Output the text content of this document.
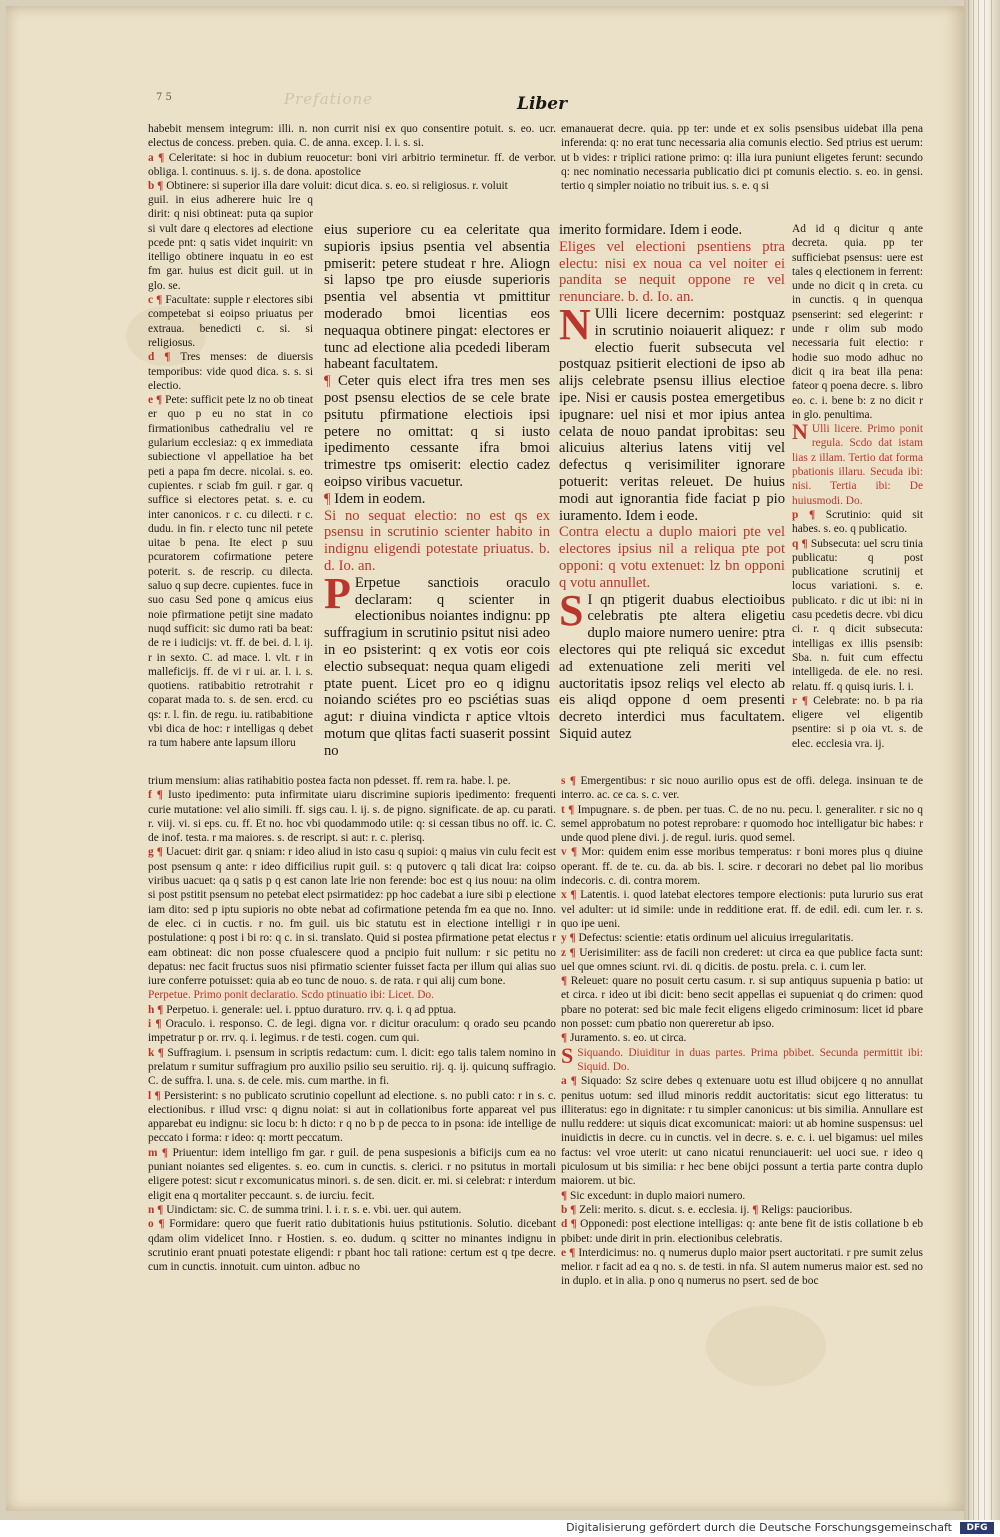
Prefatione
7 5	Liber

habebit mensem integrum: illi. n. non currit nisi ex quo consentire potuit. s. eo. ucr. electus de concess. preben. quia. C. de anna. excep. l. i. s. si.

a ¶ Celeritate: si hoc in dubium reuocetur: boni viri arbitrio terminetur. ff. de verbor. obliga. l. continuus. s. ij. s. de dona. apostolice

b ¶ Obtinere: si superior illa dare voluit: dicut dica. s. eo. si religiosus. r. voluit

guil. in eius adherere huic lre q dirit: q nisi obtineat: puta qa supior si vult dare q electores ad electione pcede pnt: q satis videt inquirit: vn itelligo obtinere inquatu in eo est fm gar. huius est dicit guil. ut in glo. se.

c ¶ Facultate: supple r electores sibi competebat si eoipso priuatus per extraua. benedicti c. si. si religiosus.

d ¶ Tres menses: de diuersis temporibus: vide quod dica. s. s. si electio.

e ¶ Pete: sufficit pete lz no ob tineat er quo p eu no stat in co firmationibus cathedraliu vel re gularium ecclesiaz: q ex immediata subiectione vl appellatioe ha bet peti a papa fm decre. nicolai. s. eo. cupientes. r sciab fm guil. r gar. q suffice si electores petat. s. e. cu inter canonicos. r c. cu dilecti. r c. dudu. in fin. r electo tunc nil petete uitae b pena. Ite elect p suu pcuratorem cofirmatione petere poterit. s. de rescrip. cu dilecta. saluo q sup decre. cupientes. fuce in suo casu Sed pone q amicus eius noie pfirmatione petijt sine madato nuqd sufficit: sic dumo rati ba beat: de re i iudicijs: vt. ff. de bei. d. l. ij. r in sexto. C. ad mace. l. vlt. r in malleficijs. ff. de vi r ui. ar. l. i. s. quotiens. ratibabitio retrotrahit r coparat mada to. s. de sen. ercd. cu qs: r. l. fin. de regu. iu. ratibabitione vbi dica de hoc: r intelligas q debet ra tum habere ante lapsum illoru

trium mensium: alias ratihabitio postea facta non pdesset. ff. rem ra. habe. l. pe.

f ¶ Iusto ipedimento: puta infirmitate uiaru discrimine supioris ipedimento: frequenti curie mutatione: vel alio simili. ff. sigs cau. l. ij. s. de pigno. significate. de ap. cu parati. r. viij. vi. si eps. cu. ff. Et no. hoc vbi quodammodo utile: q: si cessan tibus no off. ic. C. de inof. testa. r ma maiores. s. de rescript. si aut: r. c. plerisq.

g ¶ Uacuet: dirit gar. q sniam: r ideo aliud in isto casu q supioi: q maius vin culu fecit est post psensum q ante: r ideo difficilius rupit guil. s: q putoverc q tali dicat lra: coipso viribus uacuet: qa q satis p q est canon late lrie non ferende: boc est q ius nouu: na olim si post pstitit psensum no petebat elect psirmatidez: pp hoc cadebat a iure sibi p electione iam dito: sed p iptu supioris no obte nebat ad cofirmatione petenda fm ea que no. Inno. de elec. ci in cuctis. r no. fm guil. uis bic statutu est in electione intelligi r in postulatione: q post i bi ro: q c. in si. translato. Quid si postea pfirmatione petat electus r eam obtineat: dic non posse cfualescere quod a pncipio fuit nullum: r sic petitu no depatus: nec facit fructus suos nisi pfirmatio scienter fuisset facta per illum qui alias suo iure conferre potuisset: quia ab eo tunc de nouo. s. de rata. r qui alij cum bone.

Perpetue. Primo ponit declaratio. Scdo ptinuatio ibi: Licet. Do.

h ¶ Perpetuo. i. generale: uel. i. pptuo duraturo. rrv. q. i. q ad pptua.

i ¶ Oraculo. i. responso. C. de legi. digna vor. r dicitur oraculum: q orado seu pcando impetratur p or. rrv. q. i. legimus. r de testi. cogen. cum qui.

k ¶ Suffragium. i. psensum in scriptis redactum: cum. l. dicit: ego talis talem nomino in prelatum r sumitur suffragium pro auxilio psilio seu seruitio. rij. q. ij. quicunq suffragio. C. de suffra. l. una. s. de cele. mis. cum marthe. in fi.

l ¶ Persisterint: s no publicato scrutinio copellunt ad electione. s. no publi cato: r in s. c. electionibus. r illud vrsc: q dignu noiat: si aut in collationibus forte appareat vel pus apparebat eu indignu: sic locu b: h dicto: r q no b p de pecca to in psona: ide intellige de peccato i forma: r ideo: q: mortt peccatum.

m ¶ Priuentur: idem intelligo fm gar. r guil. de pena suspesionis a bificijs cum ea no puniant noiantes sed eligentes. s. eo. cum in cunctis. s. clerici. r no psitutus in mortali eligere potest: sicut r excomunicatus minori. s. de sen. dicit. er. mi. si celebrat: r interdum eligit ena q mortaliter peccaunt. s. de iurciu. fecit.

n ¶ Uindictam: sic. C. de summa trini. l. i. r. s. e. vbi. uer. qui autem.

o ¶ Formidare: quero que fuerit ratio dubitationis huius pstitutionis. Solutio. dicebant qdam olim videlicet Inno. r Hostien. s. eo. dudum. q scitter no minantes indignu in scrutinio erant pnuati potestate eligendi: r pbant hoc tali ratione: certum est q tpe decre. cum in cunctis. innotuit. cum uinton. adbuc no

eius superiore cu ea celeritate qua supioris ipsius psentia vel absentia pmiserit: petere studeat r hre. Aliogn si lapso tpe pro eiusde superioris psentia vel absentia vt pmittitur moderado bmoi licentias eos nequaqua obtinere pingat: electores er tunc ad electione alia pcededi liberam habeant facultatem.

¶ Ceter quis elect ifra tres men ses post psensu electios de se cele brate psitutu pfirmatione electiois ipsi petere no omittat: q si iusto ipedimento cessante ifra bmoi trimestre tps omiserit: electio cadez eoipso viribus vacuetur.

¶ Idem in eodem.

Si no sequat electio: no est qs ex psensu in scrutinio scienter habito in indignu eligendi potestate priuatus. b. d. Io. an.

P Erpetue sanctiois oraculo declaram: q scienter in electionibus noiantes indignu: pp suffragium in scrutinio psitut nisi adeo in eo psisterint: q ex votis eor cois electio subsequat: nequa quam eligedi ptate puent. Licet pro eo q idignu noiando sciétes pro eo psciétias suas agut: r diuina vindicta r aptice vltois motum que qlitas facti suaserit possint no

imerito formidare. Idem i eode.

Eliges vel electioni psentiens ptra electu: nisi ex noua ca vel noiter ei pandita se nequit oppone re vel renunciare. b. d. Io. an.

N Ulli licere decernim: postquaz in scrutinio noiauerit aliquez: r electio fuerit subsecuta vel postquaz psitierit electioni de ipso ab alijs celebrate psensu illius electioe ipe. Nisi er causis postea emergetibus ipugnare: uel nisi et mor ipius antea celata de nouo pandat iprobitas: seu alicuius alterius latens vitij vel defectus q verisimiliter ignorare potuerit: veritas releuet. De huius modi aut ignorantia fide faciat p pio iuramento. Idem i eode.

Contra electu a duplo maiori pte vel electores ipsius nil a reliqua pte pot opponi: q votu extenuet: lz bn opponi q votu annullet.

S I qn ptigerit duabus electioibus celebratis pte altera eligetiu duplo maiore numero uenire: ptra electores qui pte reliquá sic excedut ad extenuatione zeli meriti vel auctoritatis ipsoz reliqs vel electo ab eis aliqd oppone d oem presenti decreto interdici mus facultatem. Siquid autez

emanauerat decre. quia. pp ter: unde et ex solis psensibus uidebat illa pena inferenda: q: no erat tunc necessaria alia comunis electio. Sed ptrius est uerum: ut b vides: r triplici ratione primo: q: illa iura puniunt eligetes ferunt: secundo q: nec nominatio necessaria publicatio dici pt comunis electio. s. eo. in gensi. tertio q simpler noiatio no tribuit ius. s. e. q si

Ad id q dicitur q ante decreta. quia. pp ter sufficiebat psensus: uere est tales q electionem in ferrent: unde no dicit q in creta. cu in cunctis. q in quenqua psenserint: sed elegerint: r unde r olim sub modo necessaria fuit electio: r hodie suo modo adhuc no dicit q ira beat illa pena: fateor q poena decre. s. libro eo. c. i. bene b: z no dicit r in glo. penultima.

N Ulli licere. Primo ponit regula. Scdo dat istam lias z illam. Tertio dat forma pbationis illaru. Secuda ibi: nisi. Tertia ibi: De huiusmodi. Do.

p ¶ Scrutinio: quid sit habes. s. eo. q publicatio.

q ¶ Subsecuta: uel scru tinia publicatu: q post publicatione scrutinij et locus variationi. s. e. publicato. r dic ut ibi: ni in casu pcedetis decre. vbi dicu ci. r. q dicit subsecuta: intelligas ex illis psensib: Sba. n. fuit cum effectu intelligeda. de ele. no resi. relatu. ff. q quisq iuris. l. i.

r ¶ Celebrate: no. b pa ria eligere vel eligentib psentire: si p oia vt. s. de elec. ecclesia vra. ij.

s ¶ Emergentibus: r sic nouo aurilio opus est de offi. delega. insinuan te de interro. ac. ce ca. s. c. ver.

t ¶ Impugnare. s. de pben. per tuas. C. de no nu. pecu. l. generaliter. r sic no q semel approbatum no potest reprobare: r quomodo hoc intelligatur bic habes: r unde quod plene divi. j. de regul. iuris. quod semel.

v ¶ Mor: quidem enim esse moribus temperatus: r boni mores plus q diuine operant. ff. de te. cu. da. ab bis. l. scire. r decorari no debet pal lio moribus indecoris. c. di. contra morem.

x ¶ Latentis. i. quod latebat electores tempore electionis: puta lururio sus erat vel adulter: ut id simile: unde in redditione erat. ff. de edil. edi. cum ler. r. s. quo ipe ueni.

y ¶ Defectus: scientie: etatis ordinum uel alicuius irregularitatis.

z ¶ Uerisimiliter: ass de facili non crederet: ut circa ea que publice facta sunt: uel que omnes sciunt. rvi. di. q dicitis. de postu. prela. c. i. cum ler.

¶ Releuet: quare no posuit certu casum. r. si sup antiquus supuenia p batio: ut et circa. r ideo ut ibi dicit: beno secit appellas ei supueniat q do crimen: quod pbare no poterat: sed bic male fecit eligens eligedo criminosum: licet id pbare non posset: cum pbatio non quereretur ab ipso.

¶ Juramento. s. eo. ut circa.

S Siquando. Diuiditur in duas partes. Prima pbibet. Secunda permittit ibi: Siquid. Do.

a ¶ Siquado: Sz scire debes q extenuare uotu est illud obijcere q no annullat penitus uotum: sed illud minoris reddit auctoritatis: sicut ego litteratus: tu illiteratus: ego in dignitate: r tu simpler canonicus: ut bis similia. Annullare est nullu reddere: ut siquis dicat excomunicat: maiori: ut ab homine suspensus: uel inuidictis in decre. cu in cunctis. vel in decre. s. e. c. i. uel bigamus: uel miles factus: vel vroe uterit: ut cano nicatui renunciauerit: uel uoci sue. r ideo q piculosum ut bis similia: r hec bene obijci possunt a tertia parte contra duplo maiorem. ut bic.

¶ Sic excedunt: in duplo maiori numero.

b ¶ Zeli: merito. s. dicut. s. e. ecclesia. ij. ¶ Religs: paucioribus.

d ¶ Opponedi: post electione intelligas: q: ante bene fit de istis collatione b eb pbibet: unde dirit in prin. electionibus celebratis.

e ¶ Interdicimus: no. q numerus duplo maior psert auctoritati. r pre sumit zelus melior. r facit ad ea q no. s. de testi. in nfa. Sl autem numerus maior est. sed no in duplo. et in alia. p ono q numerus no psert. sed de boc

Digitalisierung gefördert durch die Deutsche Forschungsgemeinschaft	DFG
